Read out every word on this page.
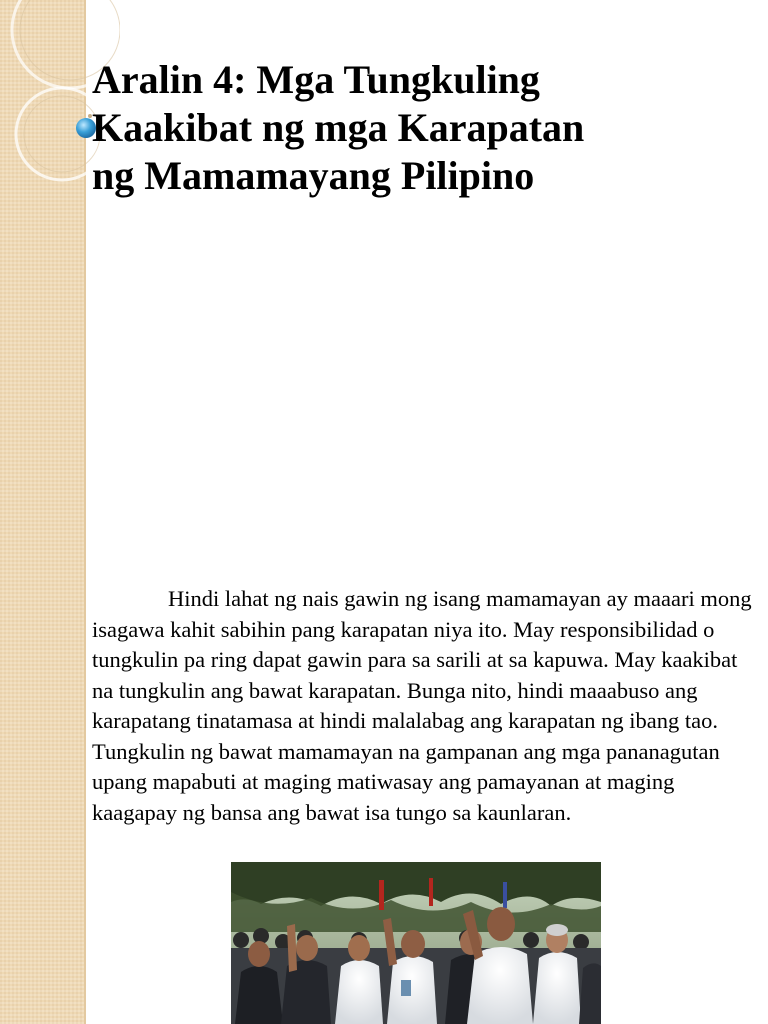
Aralin 4: Mga Tungkuling
Kaakibat ng mga Karapatan
ng Mamamayang Pilipino

Hindi lahat ng nais gawin ng isang mamamayan ay maaari mong isagawa kahit sabihin pang karapatan niya ito. May responsibilidad o tungkulin pa ring dapat gawin para sa sarili at sa kapuwa. May kaakibat na tungkulin ang bawat karapatan. Bunga nito, hindi maaabuso ang karapatang tinatamasa at hindi malalabag ang karapatan ng ibang tao. Tungkulin ng bawat mamamayan na gampanan ang mga pananagutan upang mapabuti at maging matiwasay ang pamayanan at maging kaagapay ng bansa ang bawat isa tungo sa kaunlaran.
